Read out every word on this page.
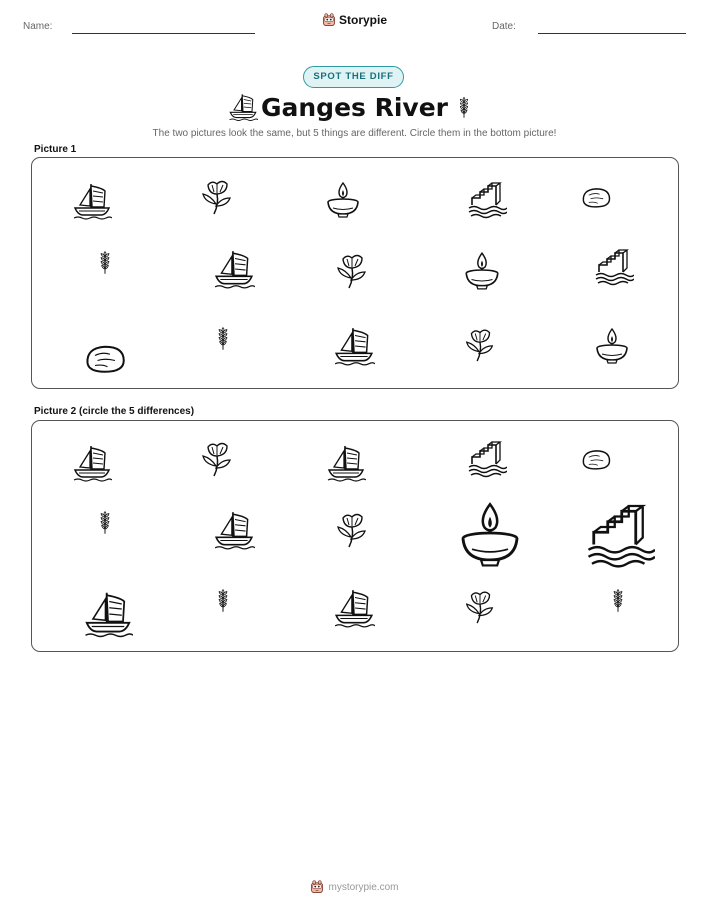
Name:	Storypie	Date:
SPOT THE DIFF
Ganges River
The two pictures look the same, but 5 things are different. Circle them in the bottom picture!
Picture 1
Picture 2 (circle the 5 differences)
mystorypie.com
